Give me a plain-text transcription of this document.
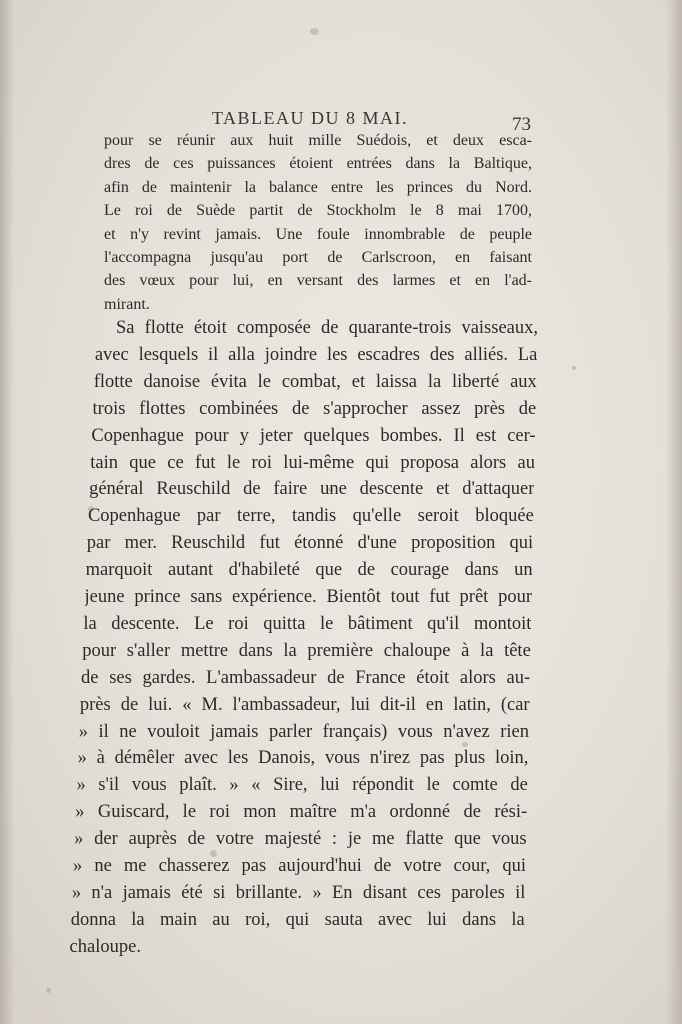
TABLEAU DU 8 MAI.	73
pour se réunir aux huit mille Suédois, et deux esca-
dres de ces puissances étoient entrées dans la Baltique,
afin de maintenir la balance entre les princes du Nord.
Le roi de Suède partit de Stockholm le 8 mai 1700,
et n'y revint jamais. Une foule innombrable de peuple
l'accompagna jusqu'au port de Carlscroon, en faisant
des vœux pour lui, en versant des larmes et en l'ad-
mirant.
Sa flotte étoit composée de quarante-trois vaisseaux,
avec lesquels il alla joindre les escadres des alliés. La
flotte danoise évita le combat, et laissa la liberté aux
trois flottes combinées de s'approcher assez près de
Copenhague pour y jeter quelques bombes. Il est cer-
tain que ce fut le roi lui-même qui proposa alors au
général Reuschild de faire une descente et d'attaquer
Copenhague par terre, tandis qu'elle seroit bloquée
par mer. Reuschild fut étonné d'une proposition qui
marquoit autant d'habileté que de courage dans un
jeune prince sans expérience. Bientôt tout fut prêt pour
la descente. Le roi quitta le bâtiment qu'il montoit
pour s'aller mettre dans la première chaloupe à la tête
de ses gardes. L'ambassadeur de France étoit alors au-
près de lui. « M. l'ambassadeur, lui dit-il en latin, (car
» il ne vouloit jamais parler français) vous n'avez rien
» à démêler avec les Danois, vous n'irez pas plus loin,
» s'il vous plaît. » « Sire, lui répondit le comte de
» Guiscard, le roi mon maître m'a ordonné de rési-
» der auprès de votre majesté : je me flatte que vous
» ne me chasserez pas aujourd'hui de votre cour, qui
» n'a jamais été si brillante. » En disant ces paroles il
donna la main au roi, qui sauta avec lui dans la
chaloupe.
